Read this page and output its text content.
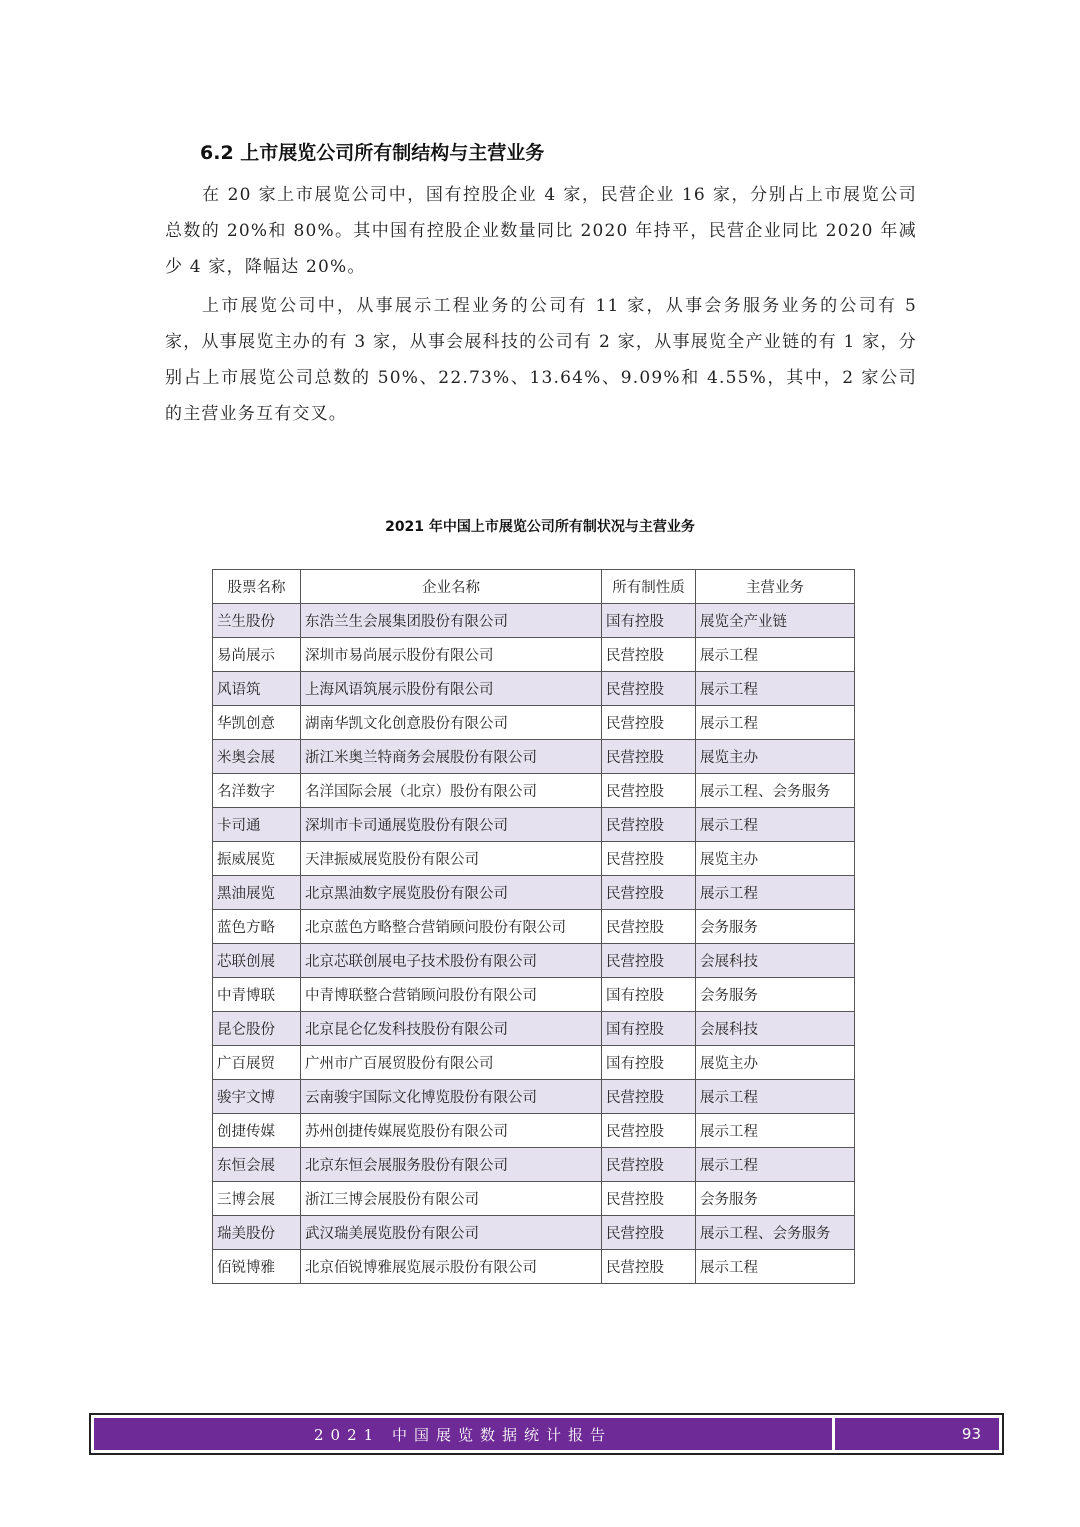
6.2 上市展览公司所有制结构与主营业务

在 20 家上市展览公司中，国有控股企业 4 家，民营企业 16 家，分别占上市展览公司总数的 20%和 80%。其中国有控股企业数量同比 2020 年持平，民营企业同比 2020 年减少 4 家，降幅达 20%。

上市展览公司中，从事展示工程业务的公司有 11 家，从事会务服务业务的公司有 5 家，从事展览主办的有 3 家，从事会展科技的公司有 2 家，从事展览全产业链的有 1 家，分别占上市展览公司总数的 50%、22.73%、13.64%、9.09%和 4.55%，其中，2 家公司的主营业务互有交叉。

2021 年中国上市展览公司所有制状况与主营业务
股票名称	企业名称	所有制性质	主营业务
兰生股份	东浩兰生会展集团股份有限公司	国有控股	展览全产业链
易尚展示	深圳市易尚展示股份有限公司	民营控股	展示工程
风语筑	上海风语筑展示股份有限公司	民营控股	展示工程
华凯创意	湖南华凯文化创意股份有限公司	民营控股	展示工程
米奥会展	浙江米奥兰特商务会展股份有限公司	民营控股	展览主办
名洋数字	名洋国际会展（北京）股份有限公司	民营控股	展示工程、会务服务
卡司通	深圳市卡司通展览股份有限公司	民营控股	展示工程
振威展览	天津振威展览股份有限公司	民营控股	展览主办
黑油展览	北京黑油数字展览股份有限公司	民营控股	展示工程
蓝色方略	北京蓝色方略整合营销顾问股份有限公司	民营控股	会务服务
芯联创展	北京芯联创展电子技术股份有限公司	民营控股	会展科技
中青博联	中青博联整合营销顾问股份有限公司	国有控股	会务服务
昆仑股份	北京昆仑亿发科技股份有限公司	国有控股	会展科技
广百展贸	广州市广百展贸股份有限公司	国有控股	展览主办
骏宇文博	云南骏宇国际文化博览股份有限公司	民营控股	展示工程
创捷传媒	苏州创捷传媒展览股份有限公司	民营控股	展示工程
东恒会展	北京东恒会展服务股份有限公司	民营控股	展示工程
三博会展	浙江三博会展股份有限公司	民营控股	会务服务
瑞美股份	武汉瑞美展览股份有限公司	民营控股	展示工程、会务服务
佰锐博雅	北京佰锐博雅展览展示股份有限公司	民营控股	展示工程
2021 中国展览数据统计报告	93
